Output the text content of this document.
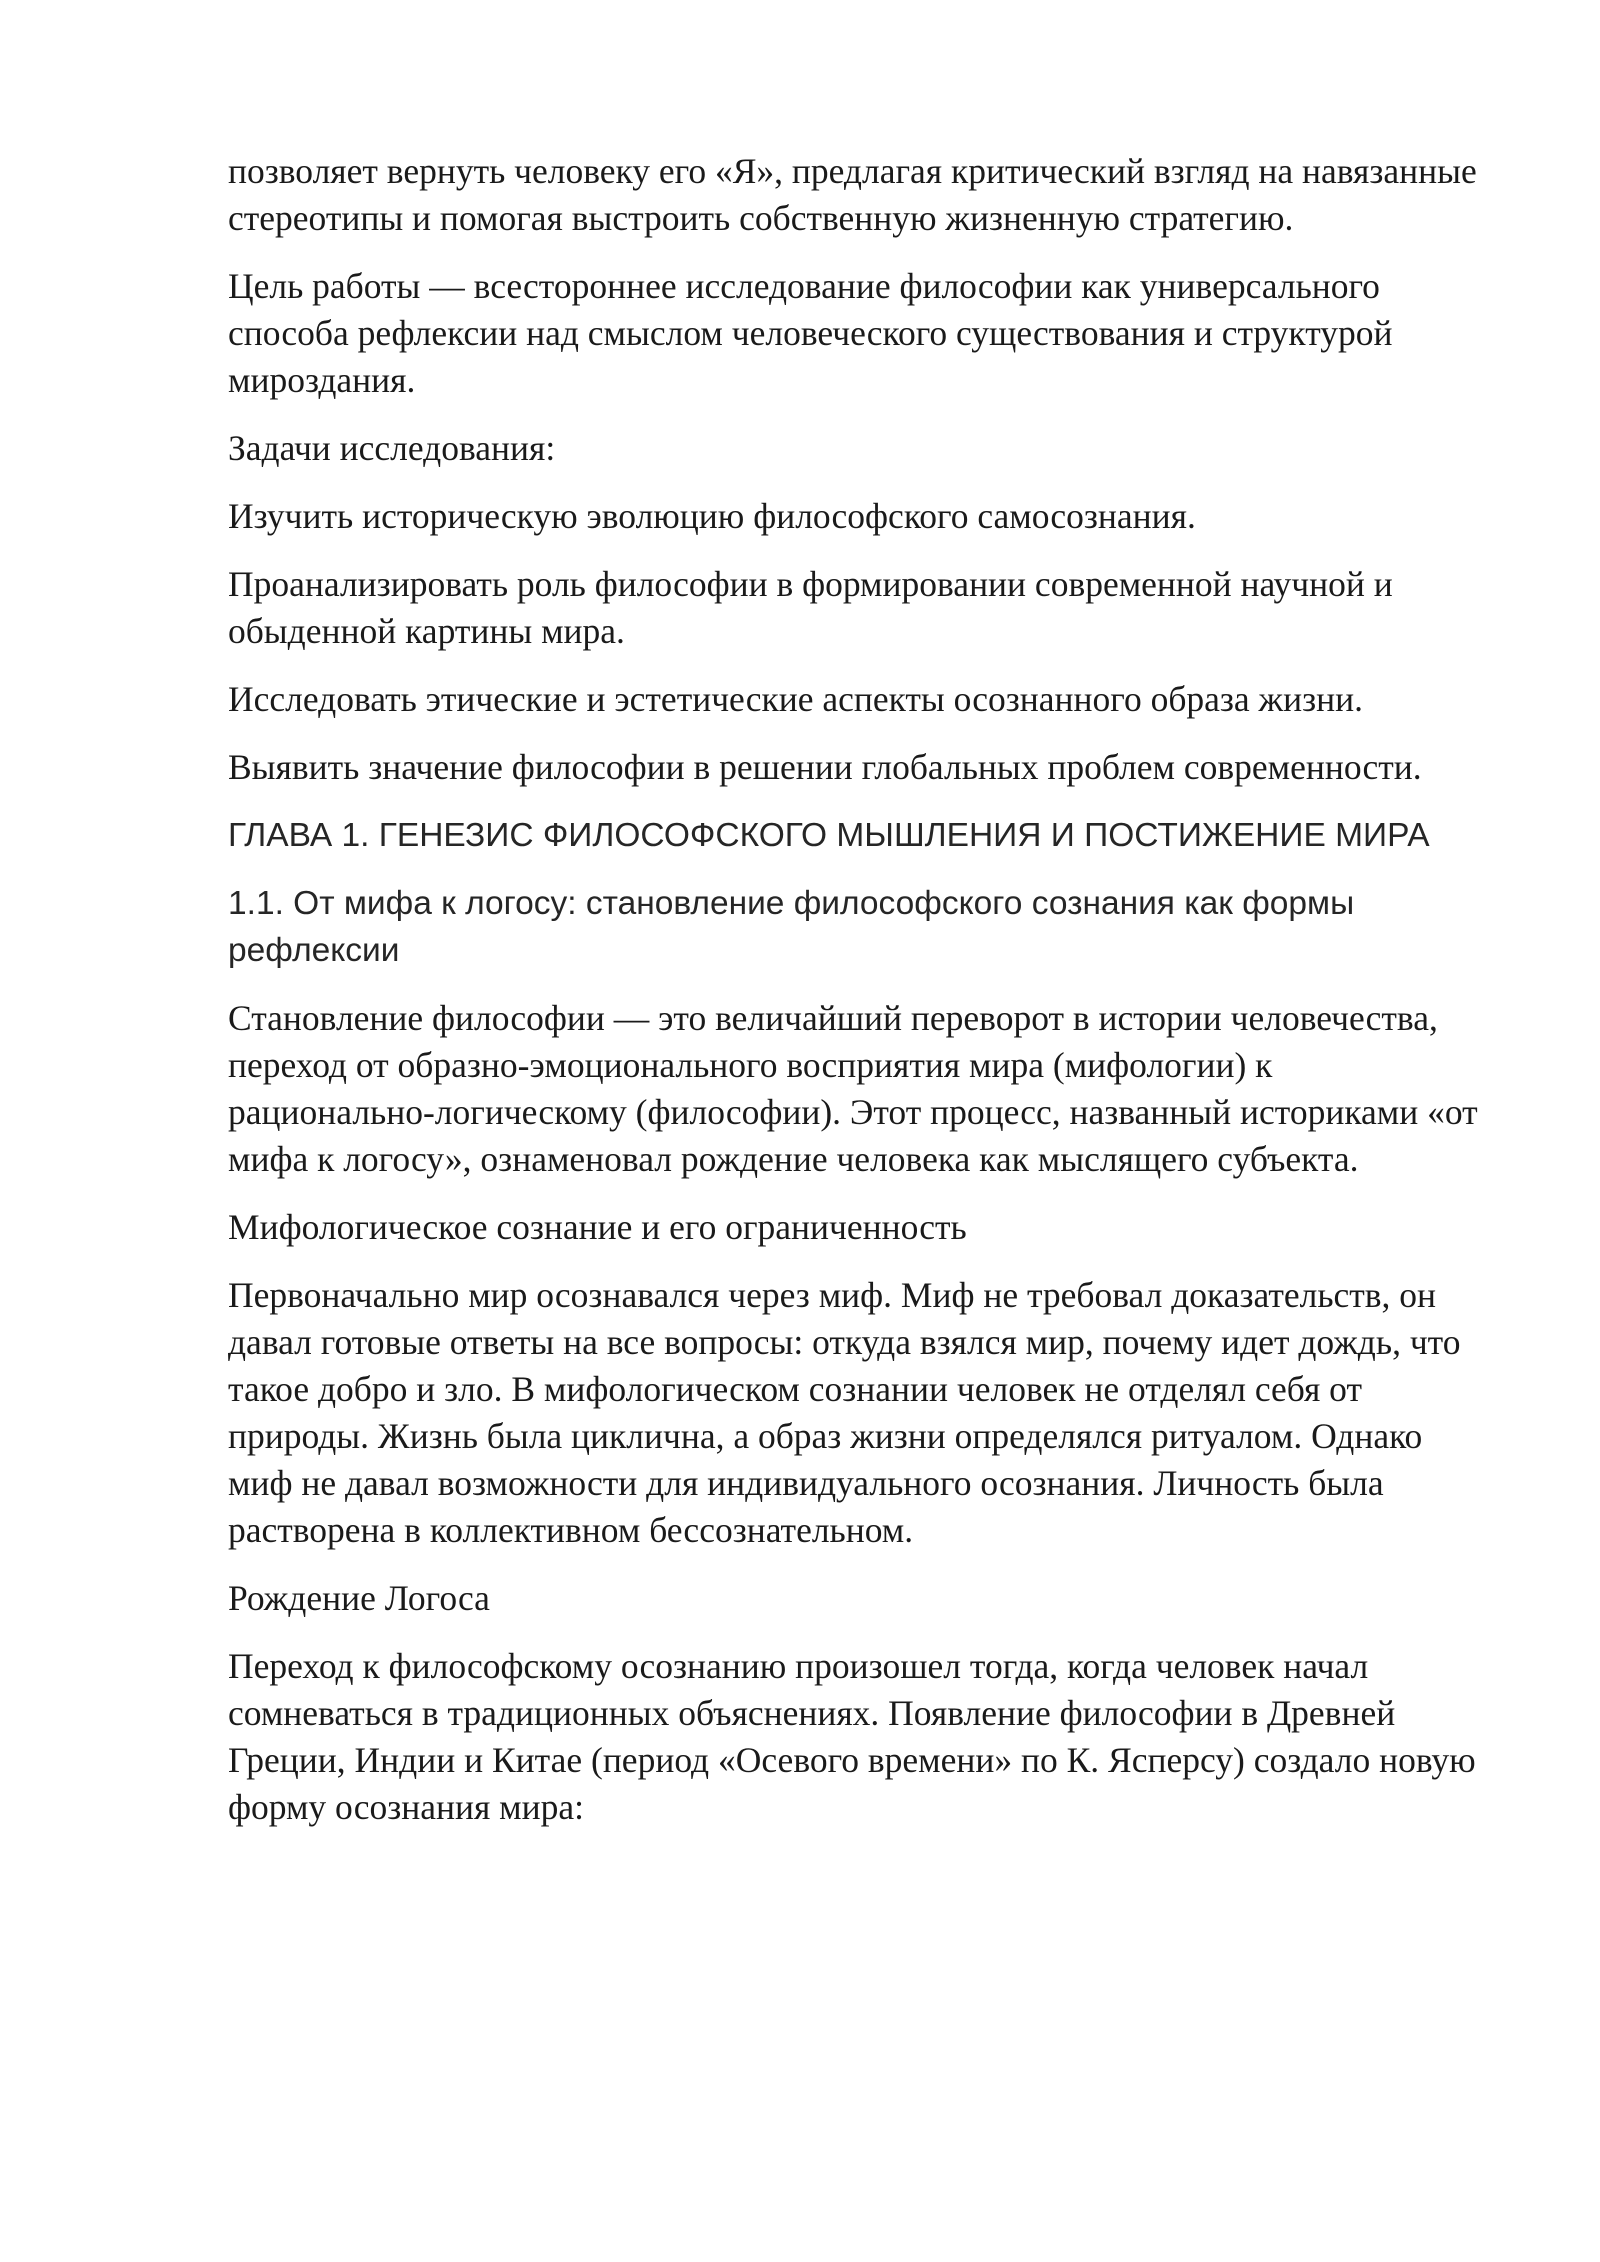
позволяет вернуть человеку его «Я», предлагая критический взгляд на навязанные стереотипы и помогая выстроить собственную жизненную стратегию.

Цель работы — всестороннее исследование философии как универсального способа рефлексии над смыслом человеческого существования и структурой мироздания.

Задачи исследования:

Изучить историческую эволюцию философского самосознания.

Проанализировать роль философии в формировании современной научной и обыденной картины мира.

Исследовать этические и эстетические аспекты осознанного образа жизни.

Выявить значение философии в решении глобальных проблем современности.

ГЛАВА 1. ГЕНЕЗИС ФИЛОСОФСКОГО МЫШЛЕНИЯ И ПОСТИЖЕНИЕ МИРА

1.1. От мифа к логосу: становление философского сознания как формы рефлексии

Становление философии — это величайший переворот в истории человечества, переход от образно-эмоционального восприятия мира (мифологии) к рационально-логическому (философии). Этот процесс, названный историками «от мифа к логосу», ознаменовал рождение человека как мыслящего субъекта.

Мифологическое сознание и его ограниченность

Первоначально мир осознавался через миф. Миф не требовал доказательств, он давал готовые ответы на все вопросы: откуда взялся мир, почему идет дождь, что такое добро и зло. В мифологическом сознании человек не отделял себя от природы. Жизнь была циклична, а образ жизни определялся ритуалом. Однако миф не давал возможности для индивидуального осознания. Личность была растворена в коллективном бессознательном.

Рождение Логоса

Переход к философскому осознанию произошел тогда, когда человек начал сомневаться в традиционных объяснениях. Появление философии в Древней Греции, Индии и Китае (период «Осевого времени» по К. Ясперсу) создало новую форму осознания мира:
